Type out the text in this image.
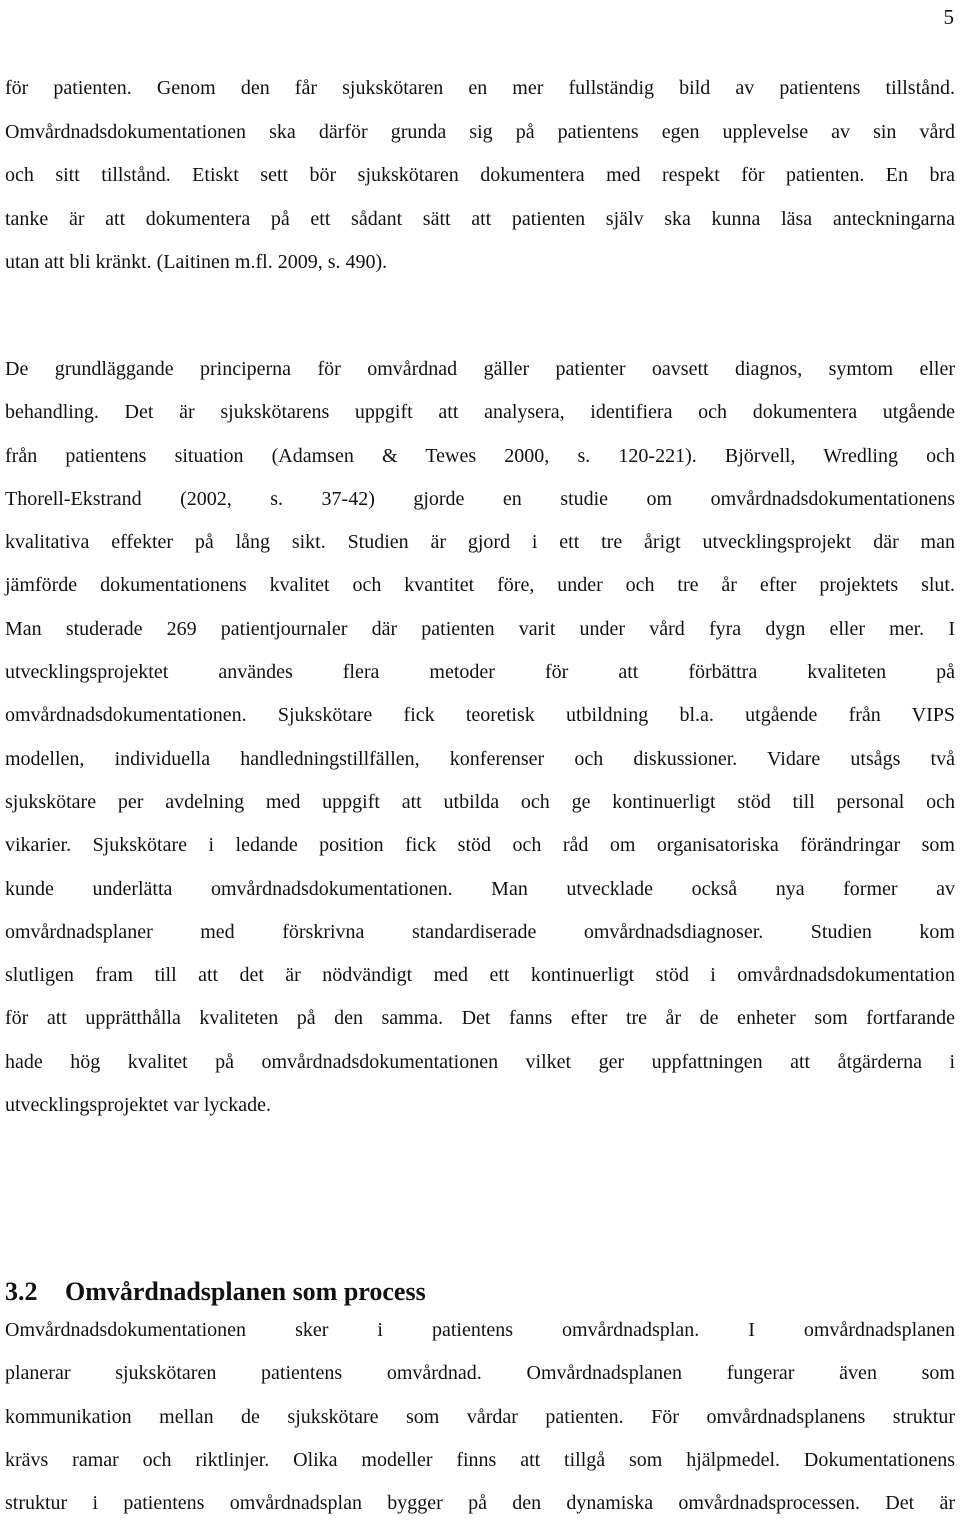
5
för patienten. Genom den får sjukskötaren en mer fullständig bild av patientens tillstånd.
Omvårdnadsdokumentationen ska därför grunda sig på patientens egen upplevelse av sin vård
och sitt tillstånd. Etiskt sett bör sjukskötaren dokumentera med respekt för patienten. En bra
tanke är att dokumentera på ett sådant sätt att patienten själv ska kunna läsa anteckningarna
utan att bli kränkt. (Laitinen m.fl. 2009, s. 490).
De grundläggande principerna för omvårdnad gäller patienter oavsett diagnos, symtom eller
behandling. Det är sjukskötarens uppgift att analysera, identifiera och dokumentera utgående
från patientens situation (Adamsen & Tewes 2000, s. 120-221). Björvell, Wredling och
Thorell-Ekstrand (2002, s. 37-42) gjorde en studie om omvårdnadsdokumentationens
kvalitativa effekter på lång sikt. Studien är gjord i ett tre årigt utvecklingsprojekt där man
jämförde dokumentationens kvalitet och kvantitet före, under och tre år efter projektets slut.
Man studerade 269 patientjournaler där patienten varit under vård fyra dygn eller mer. I
utvecklingsprojektet användes flera metoder för att förbättra kvaliteten på
omvårdnadsdokumentationen. Sjukskötare fick teoretisk utbildning bl.a. utgående från VIPS
modellen, individuella handledningstillfällen, konferenser och diskussioner. Vidare utsågs två
sjukskötare per avdelning med uppgift att utbilda och ge kontinuerligt stöd till personal och
vikarier. Sjukskötare i ledande position fick stöd och råd om organisatoriska förändringar som
kunde underlätta omvårdnadsdokumentationen. Man utvecklade också nya former av
omvårdnadsplaner med förskrivna standardiserade omvårdnadsdiagnoser. Studien kom
slutligen fram till att det är nödvändigt med ett kontinuerligt stöd i omvårdnadsdokumentation
för att upprätthålla kvaliteten på den samma. Det fanns efter tre år de enheter som fortfarande
hade hög kvalitet på omvårdnadsdokumentationen vilket ger uppfattningen att åtgärderna i
utvecklingsprojektet var lyckade.
3.2 Omvårdnadsplanen som process
Omvårdnadsdokumentationen sker i patientens omvårdnadsplan. I omvårdnadsplanen
planerar sjukskötaren patientens omvårdnad. Omvårdnadsplanen fungerar även som
kommunikation mellan de sjukskötare som vårdar patienten. För omvårdnadsplanens struktur
krävs ramar och riktlinjer. Olika modeller finns att tillgå som hjälpmedel. Dokumentationens
struktur i patientens omvårdnadsplan bygger på den dynamiska omvårdnadsprocessen. Det är
